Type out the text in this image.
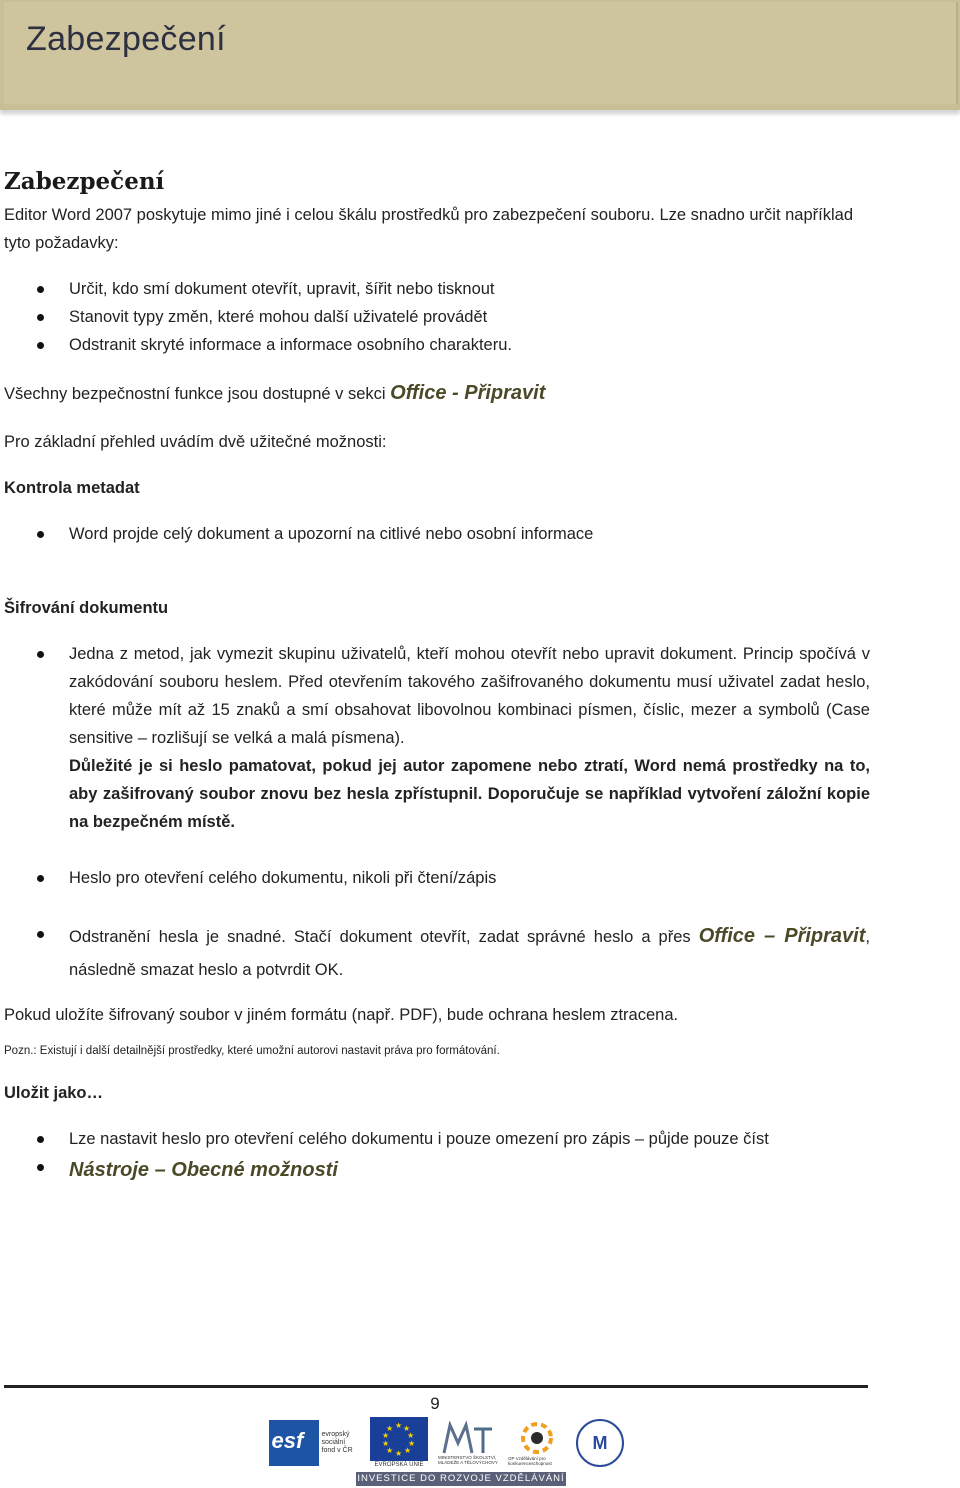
Zabezpečení
Zabezpečení

Editor Word 2007 poskytuje mimo jiné i celou škálu prostředků pro zabezpečení souboru. Lze snadno určit například tyto požadavky:

Určit, kdo smí dokument otevřít, upravit, šířit nebo tisknout
Stanovit typy změn, které mohou další uživatelé provádět
Odstranit skryté informace a informace osobního charakteru.

Všechny bezpečnostní funkce jsou dostupné v sekci Office - Připravit

Pro základní přehled uvádím dvě užitečné možnosti:

Kontrola metadat

Word projde celý dokument a upozorní na citlivé nebo osobní informace

Šifrování dokumentu

Jedna z metod, jak vymezit skupinu uživatelů, kteří mohou otevřít nebo upravit dokument. Princip spočívá v zakódování souboru heslem. Před otevřením takového zašifrovaného dokumentu musí uživatel zadat heslo, které může mít až 15 znaků a smí obsahovat libovolnou kombinaci písmen, číslic, mezer a symbolů (Case sensitive – rozlišují se velká a malá písmena).
Důležité je si heslo pamatovat, pokud jej autor zapomene nebo ztratí, Word nemá prostředky na to, aby zašifrovaný soubor znovu bez hesla zpřístupnil. Doporučuje se například vytvoření záložní kopie na bezpečném místě.
Heslo pro otevření celého dokumentu, nikoli při čtení/zápis
Odstranění hesla je snadné. Stačí dokument otevřít, zadat správné heslo a přes Office – Připravit, následně smazat heslo a potvrdit OK.

Pokud uložíte šifrovaný soubor v jiném formátu (např. PDF), bude ochrana heslem ztracena.

Pozn.: Existují i další detailnější prostředky, které umožní autorovi nastavit práva pro formátování.

Uložit jako…

Lze nastavit heslo pro otevření celého dokumentu i pouze omezení pro zápis – půjde pouze číst
Nástroje – Obecné možnosti
9
esf	evropský sociální fond v ČR
★ ★
★
★
★
★
★
★
★
★
EVROPSKÁ UNIE
MINISTERSTVO ŠKOLSTVÍ, MLÁDEŽE A TĚLOVÝCHOVY
OP Vzdělávání pro konkurenceschopnost
M
INVESTICE DO ROZVOJE VZDĚLÁVÁNÍ
